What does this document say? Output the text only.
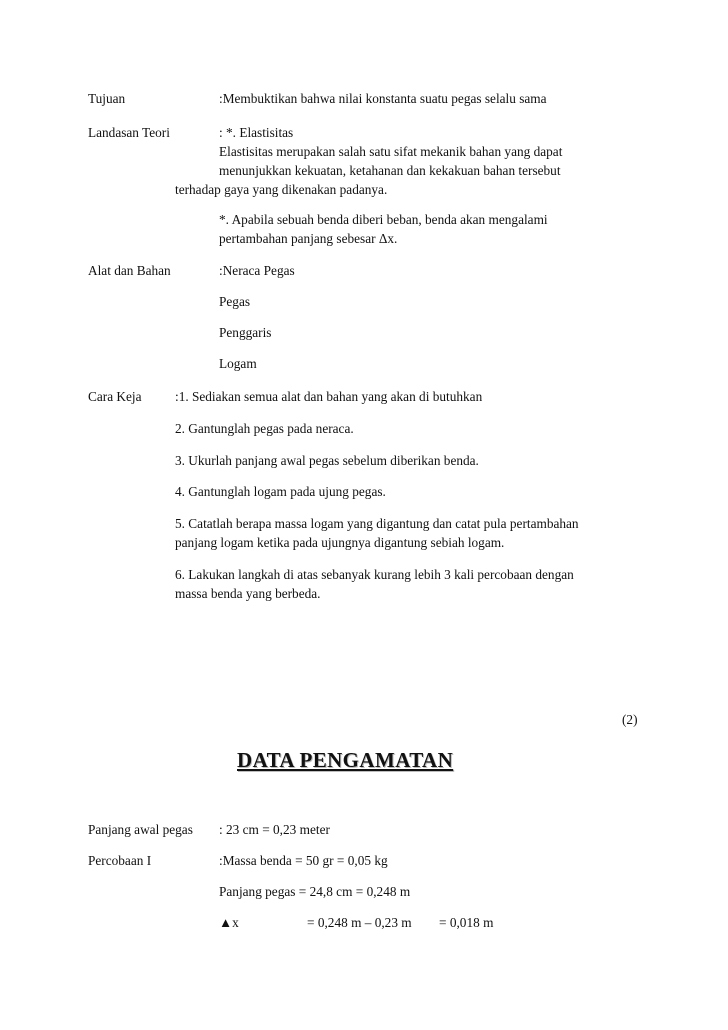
Tujuan	:Membuktikan bahwa nilai konstanta suatu pegas selalu sama
Landasan Teori	: *. Elastisitas
Elastisitas merupakan salah satu sifat mekanik bahan yang dapat
menunjukkan kekuatan, ketahanan dan kekakuan bahan tersebut
terhadap gaya yang dikenakan padanya.
*. Apabila sebuah benda diberi beban, benda akan mengalami
pertambahan panjang sebesar Δx.
Alat dan Bahan	:Neraca Pegas
Pegas
Penggaris
Logam
Cara Keja	:1. Sediakan semua alat dan bahan yang akan di butuhkan
2. Gantunglah pegas pada neraca.
3. Ukurlah panjang awal pegas sebelum diberikan benda.
4. Gantunglah logam pada ujung pegas.
5. Catatlah berapa massa logam yang digantung dan catat pula pertambahan
panjang logam ketika pada ujungnya digantung sebiah logam.
6. Lakukan langkah di atas sebanyak kurang lebih 3 kali percobaan dengan
massa benda yang berbeda.
(2)
DATA PENGAMATAN
Panjang awal pegas : 23 cm = 0,23 meter
Percobaan I	:Massa benda = 50 gr = 0,05 kg
Panjang pegas = 24,8 cm = 0,248 m
▲x	= 0,248 m – 0,23 m = 0,018 m
